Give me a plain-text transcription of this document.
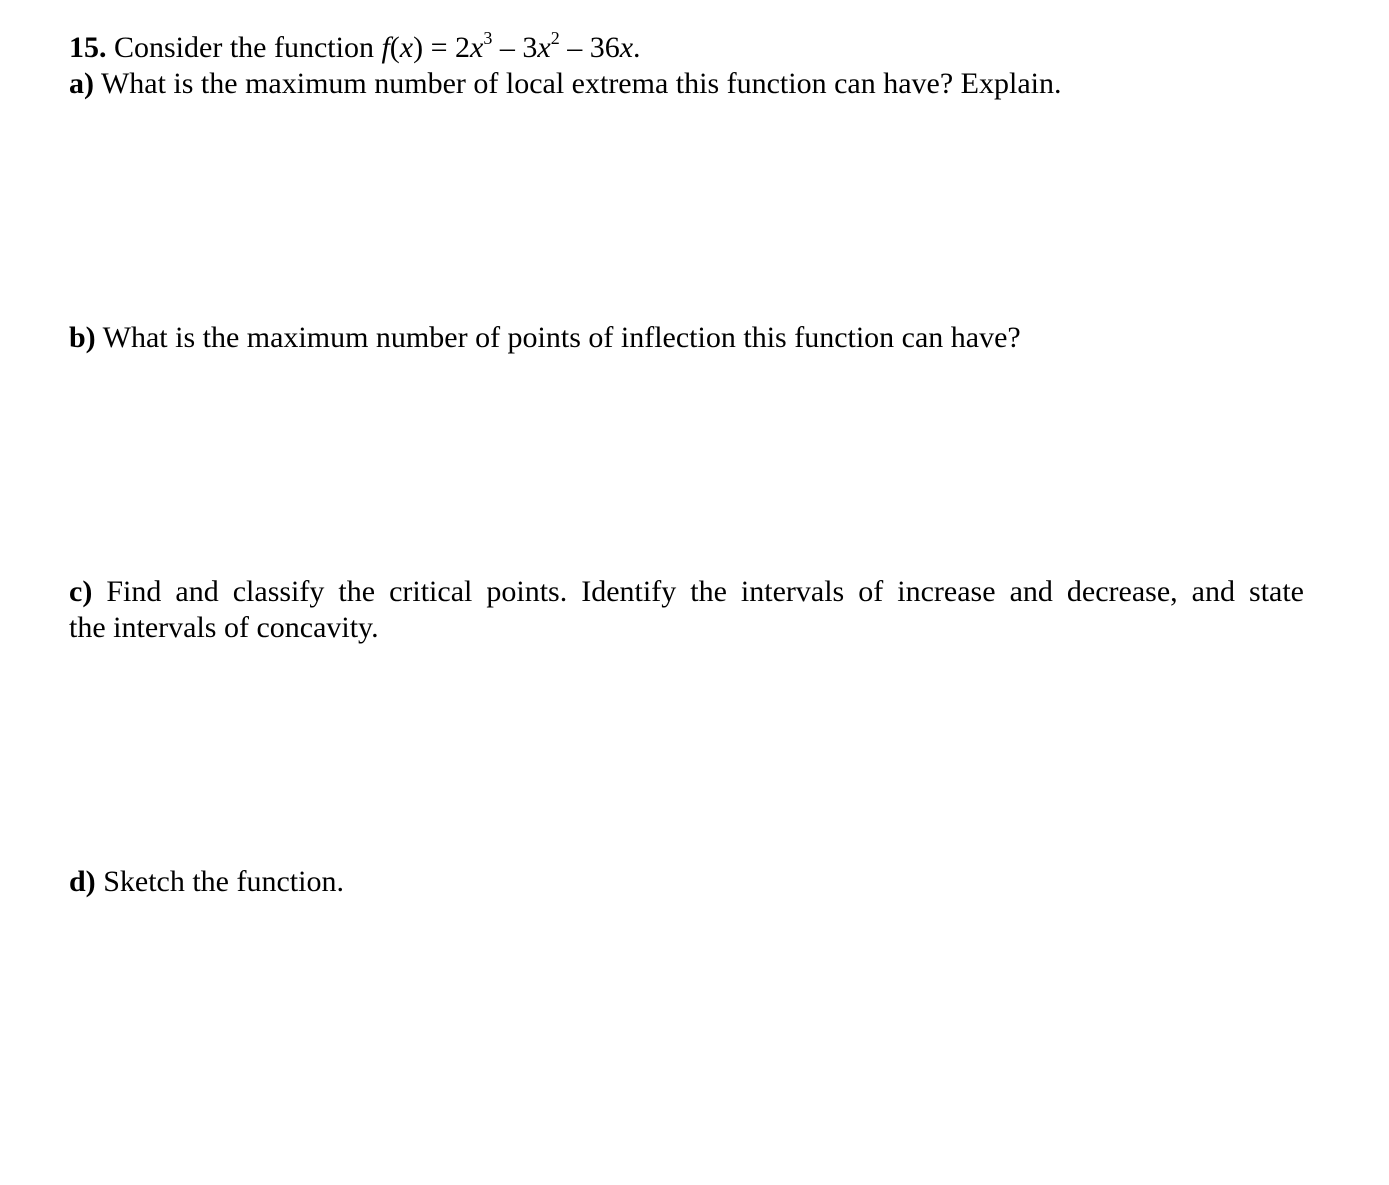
15. Consider the function $f(x) = 2x^3 - 3x^2 - 36x$.
a) What is the maximum number of local extrema this function can have? Explain.
b) What is the maximum number of points of inflection this function can have?
c) Find and classify the critical points. Identify the intervals of increase and decrease, and state
the intervals of concavity.
d) Sketch the function.
